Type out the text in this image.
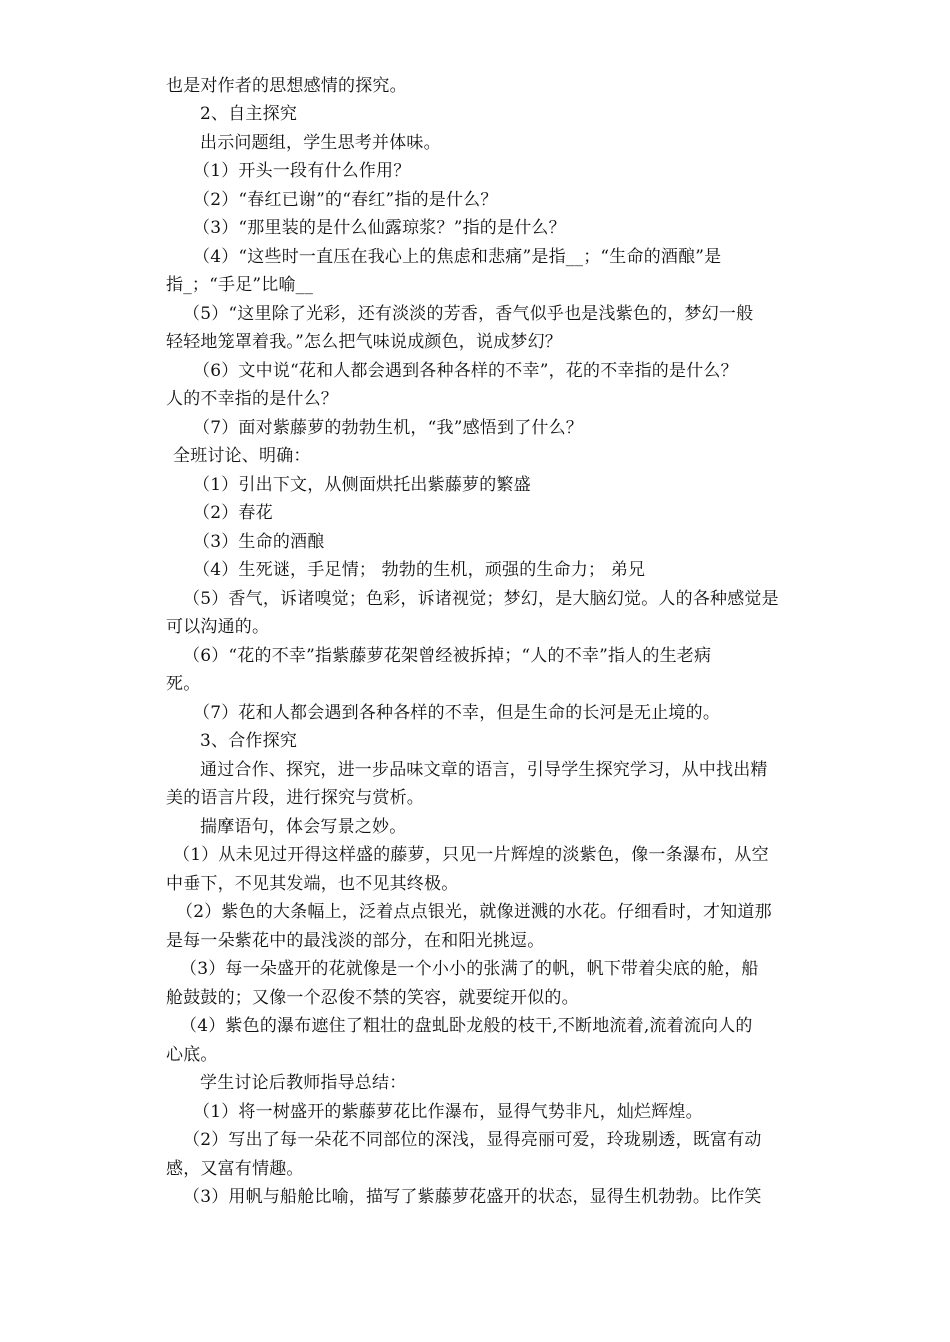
也是对作者的思想感情的探究。
2、自主探究
出示问题组，学生思考并体味。
（1）开头一段有什么作用？
（2）“春红已谢”的“春红”指的是什么？
（3）“那里装的是什么仙露琼浆？”指的是什么？
（4）“这些时一直压在我心上的焦虑和悲痛”是指__；“生命的酒酿”是
指_；“手足”比喻__
（5）“这里除了光彩，还有淡淡的芳香，香气似乎也是浅紫色的，梦幻一般
轻轻地笼罩着我。”怎么把气味说成颜色，说成梦幻？
（6）文中说“花和人都会遇到各种各样的不幸”，花的不幸指的是什么？
人的不幸指的是什么？
（7）面对紫藤萝的勃勃生机，“我”感悟到了什么？
全班讨论、明确：
（1）引出下文，从侧面烘托出紫藤萝的繁盛
（2）春花
（3）生命的酒酿
（4）生死谜，手足情； 勃勃的生机，顽强的生命力； 弟兄
（5）香气，诉诸嗅觉；色彩，诉诸视觉；梦幻，是大脑幻觉。人的各种感觉是
可以沟通的。
（6）“花的不幸”指紫藤萝花架曾经被拆掉；“人的不幸”指人的生老病
死。
（7）花和人都会遇到各种各样的不幸，但是生命的长河是无止境的。
3、合作探究
通过合作、探究，进一步品味文章的语言，引导学生探究学习，从中找出精
美的语言片段，进行探究与赏析。
揣摩语句，体会写景之妙。
（1）从未见过开得这样盛的藤萝，只见一片辉煌的淡紫色，像一条瀑布，从空
中垂下，不见其发端，也不见其终极。
（2）紫色的大条幅上，泛着点点银光，就像迸溅的水花。仔细看时，才知道那
是每一朵紫花中的最浅淡的部分，在和阳光挑逗。
（3）每一朵盛开的花就像是一个小小的张满了的帆，帆下带着尖底的舱，船
舱鼓鼓的；又像一个忍俊不禁的笑容，就要绽开似的。
（4）紫色的瀑布遮住了粗壮的盘虬卧龙般的枝干,不断地流着,流着流向人的
心底。
学生讨论后教师指导总结：
（1）将一树盛开的紫藤萝花比作瀑布，显得气势非凡，灿烂辉煌。
（2）写出了每一朵花不同部位的深浅，显得亮丽可爱，玲珑剔透，既富有动
感，又富有情趣。
（3）用帆与船舱比喻，描写了紫藤萝花盛开的状态，显得生机勃勃。比作笑
